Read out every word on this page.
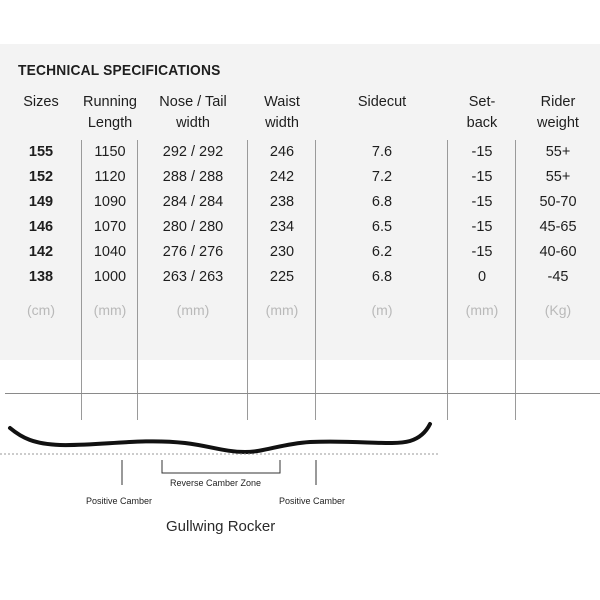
TECHNICAL SPECIFICATIONS
Sizes
155
152
149
146
142
138
(cm)
Running
Length
1150
1120
1090
1070
1040
1000
(mm)
Nose / Tail
width
292 / 292
288 / 288
284 / 284
280 / 280
276 / 276
263 / 263
(mm)
Waist
width
246
242
238
234
230
225
(mm)
Sidecut
7.6
7.2
6.8
6.5
6.2
6.8
(m)
Set-
back
-15
-15
-15
-15
-15
0
(mm)
Rider
weight
55+
55+
50-70
45-65
40-60
-45
(Kg)
Positive Camber
Reverse Camber Zone
Positive Camber
Gullwing Rocker
